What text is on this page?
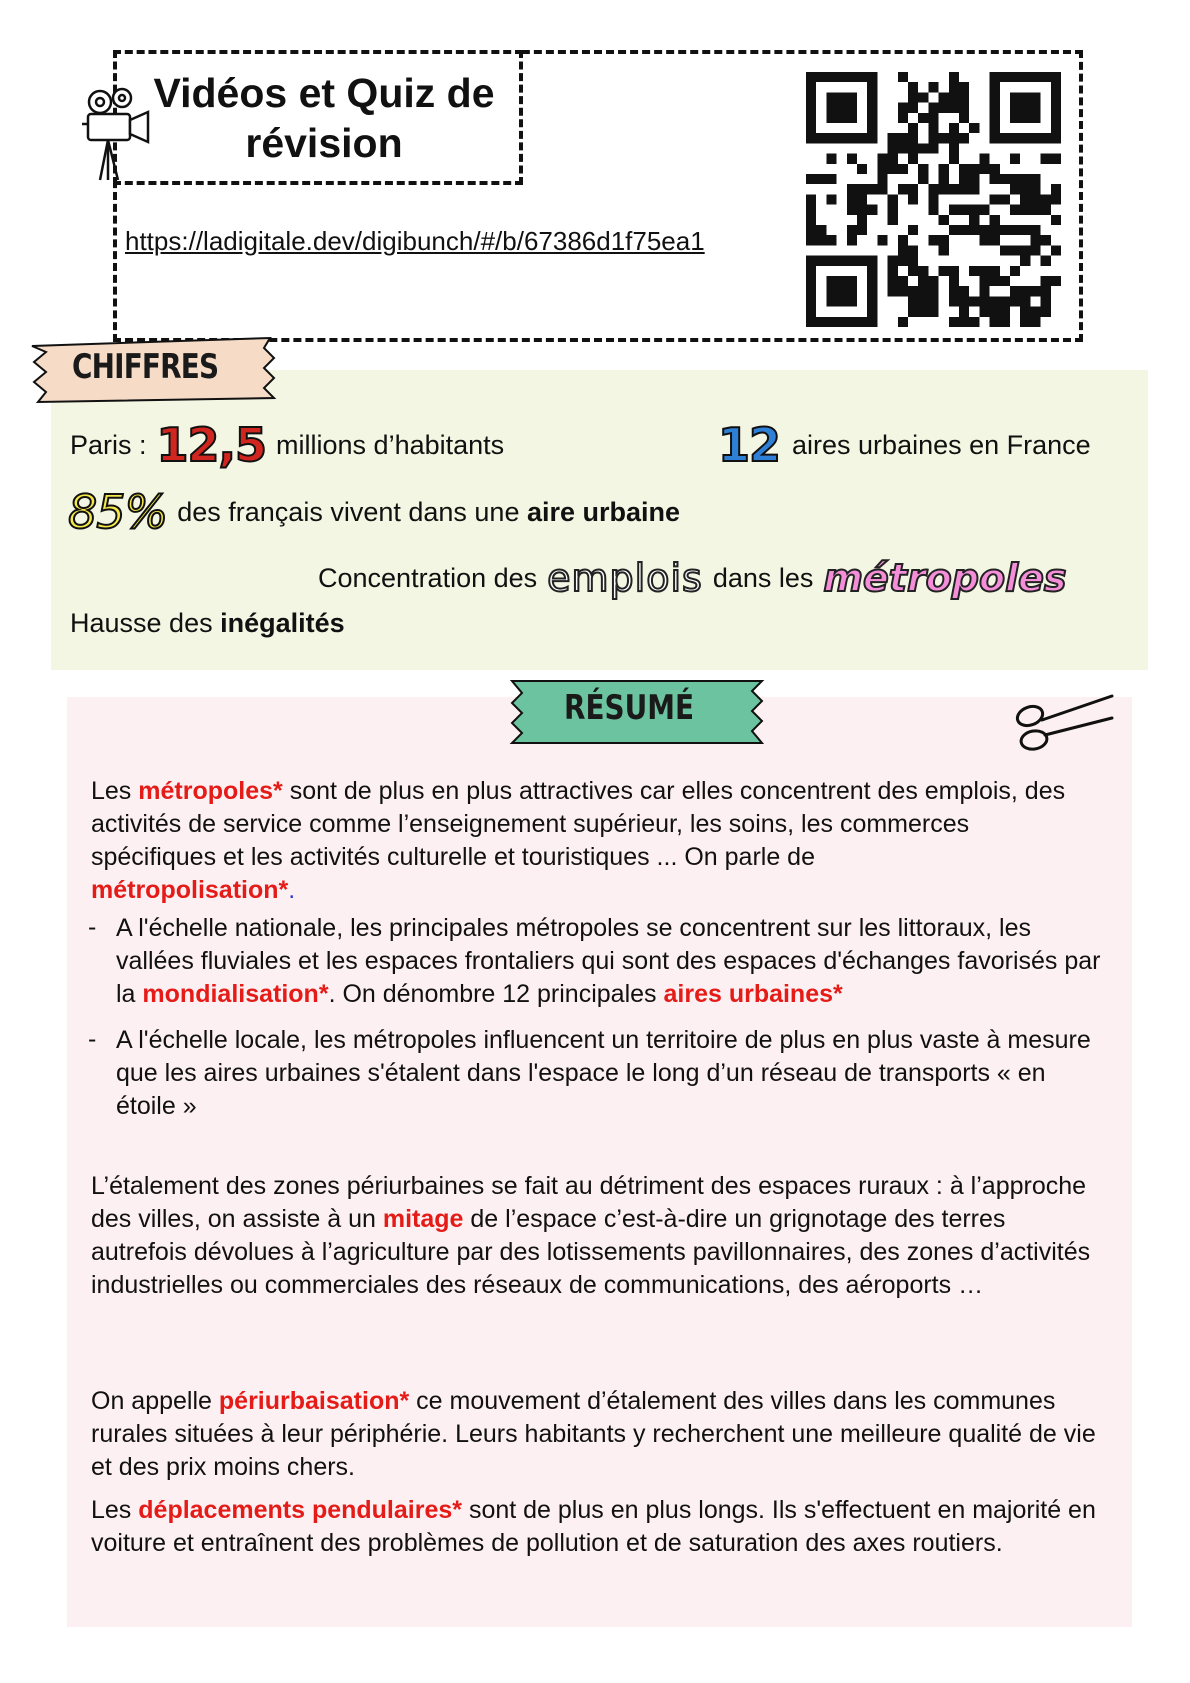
Vidéos et Quiz de révision
https://ladigitale.dev/digibunch/#/b/67386d1f75ea1
CHIFFRES
Paris : 12,5 millions d’habitants	12 aires urbaines en France
85% des français vivent dans une aire urbaine
Concentration des emplois dans les métropoles
Hausse des inégalités
RÉSUMÉ
Les métropoles* sont de plus en plus attractives car elles concentrent des emplois, des activités de service comme l’enseignement supérieur, les soins, les commerces spécifiques et les activités culturelle et touristiques ... On parle de
métropolisation*.
- A l'échelle nationale, les principales métropoles se concentrent sur les littoraux, les vallées fluviales et les espaces frontaliers qui sont des espaces d'échanges favorisés par la mondialisation*. On dénombre 12 principales aires urbaines*
- A l'échelle locale, les métropoles influencent un territoire de plus en plus vaste à mesure que les aires urbaines s'étalent dans l'espace le long d’un réseau de transports « en étoile »
L’étalement des zones périurbaines se fait au détriment des espaces ruraux : à l’approche des villes, on assiste à un mitage de l’espace c’est-à-dire un grignotage des terres autrefois dévolues à l’agriculture par des lotissements pavillonnaires, des zones d’activités industrielles ou commerciales des réseaux de communications, des aéroports …
On appelle périurbaisation* ce mouvement d’étalement des villes dans les communes rurales situées à leur périphérie. Leurs habitants y recherchent une meilleure qualité de vie et des prix moins chers.
Les déplacements pendulaires* sont de plus en plus longs. Ils s'effectuent en majorité en voiture et entraînent des problèmes de pollution et de saturation des axes routiers.
